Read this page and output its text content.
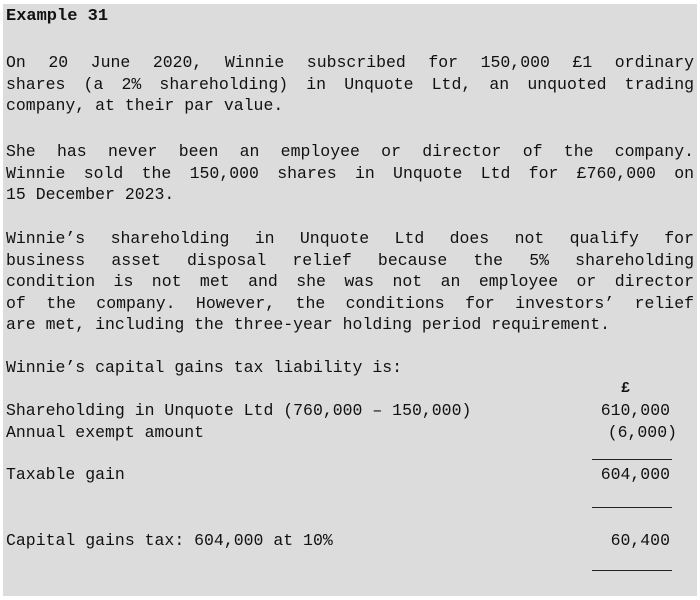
Example 31
On 20 June 2020, Winnie subscribed for 150,000 £1 ordinary
shares (a 2% shareholding) in Unquote Ltd, an unquoted trading
company, at their par value.
She has never been an employee or director of the company.
Winnie sold the 150,000 shares in Unquote Ltd for £760,000 on
15 December 2023.
Winnie’s shareholding in Unquote Ltd does not qualify for
business asset disposal relief because the 5% shareholding
condition is not met and she was not an employee or director
of the company. However, the conditions for investors’ relief
are met, including the three-year holding period requirement.
Winnie’s capital gains tax liability is:
£
Shareholding in Unquote Ltd (760,000 – 150,000)	610,000
Annual exempt amount	(6,000)
Taxable gain	604,000
Capital gains tax: 604,000 at 10%	60,400
